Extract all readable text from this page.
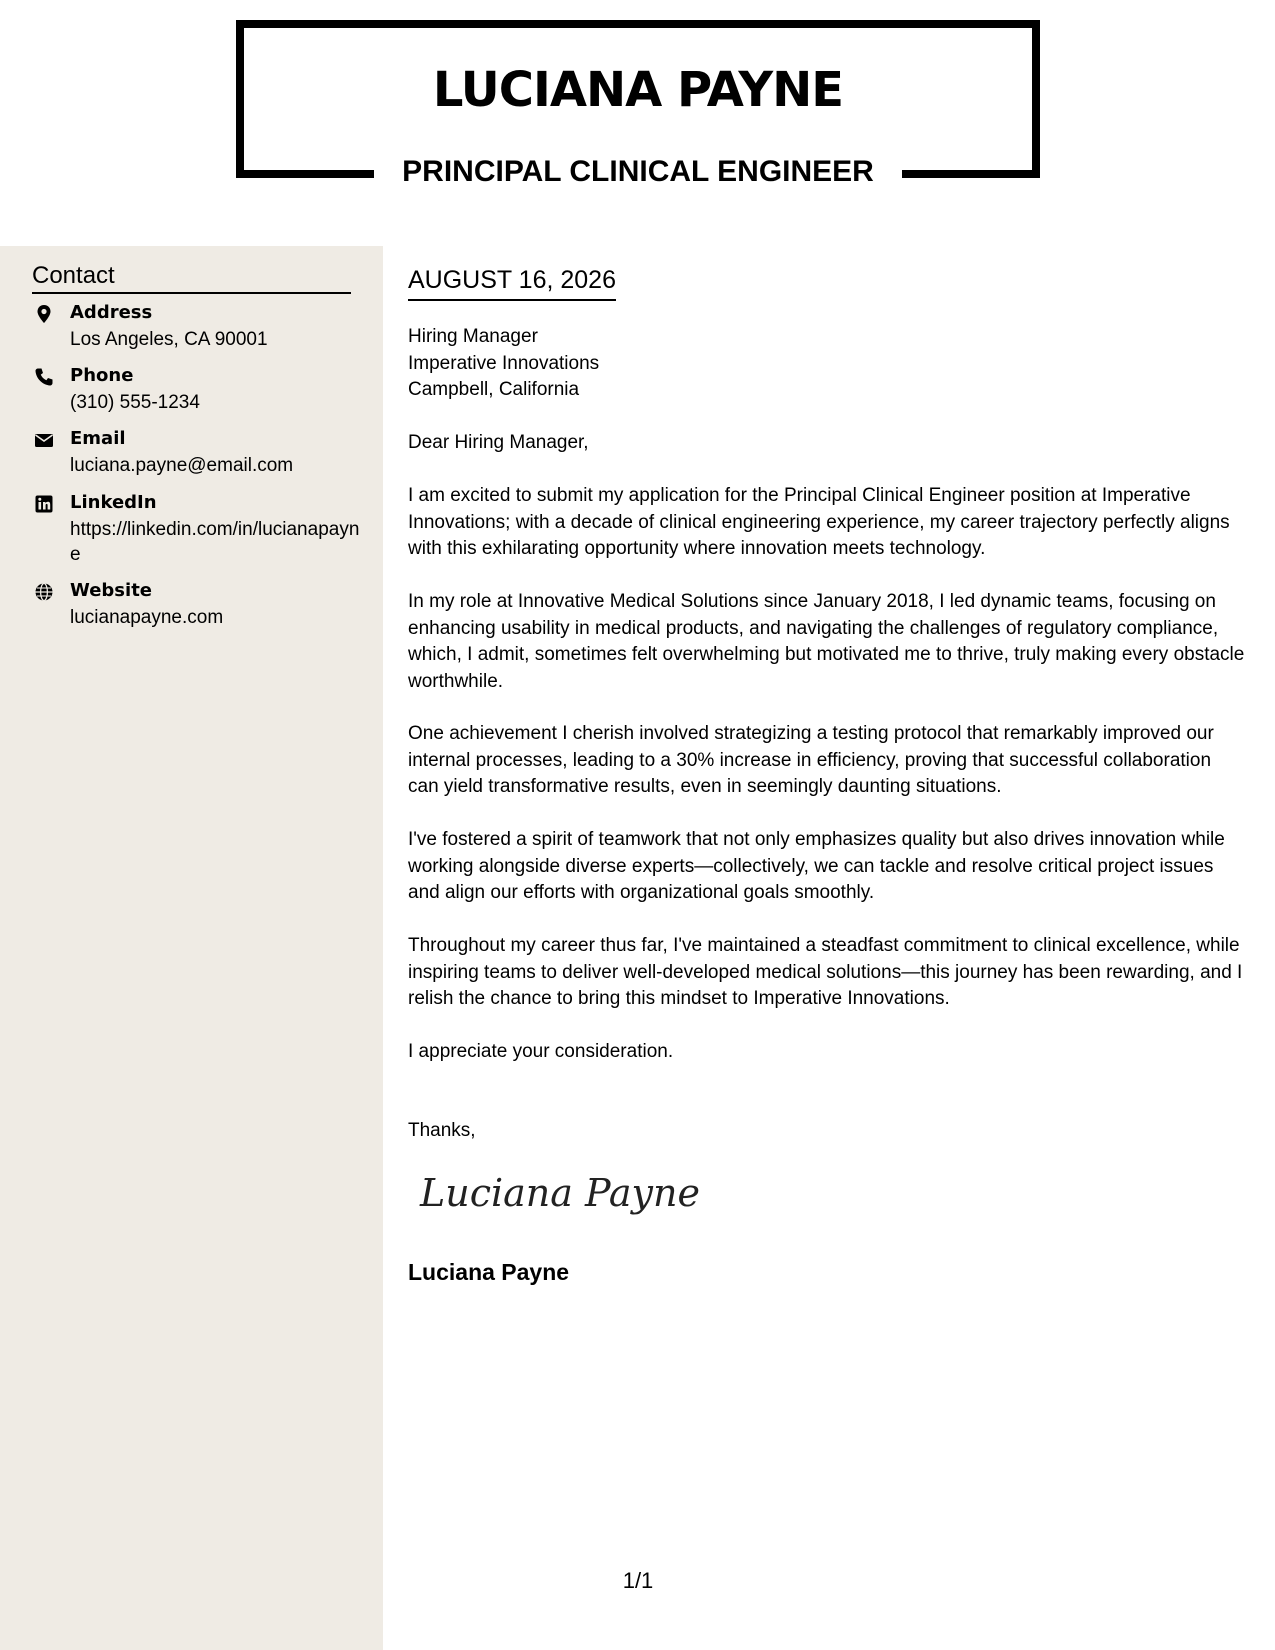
LUCIANA PAYNE
PRINCIPAL CLINICAL ENGINEER
Contact
Address
Los Angeles, CA 90001
Phone
(310) 555-1234
Email
luciana.payne@email.com
LinkedIn
https://linkedin.com/in/lucianapayne
Website
lucianapayne.com
AUGUST 16, 2026
Hiring Manager
Imperative Innovations
Campbell, California
Dear Hiring Manager,
I am excited to submit my application for the Principal Clinical Engineer position at Imperative Innovations; with a decade of clinical engineering experience, my career trajectory perfectly aligns with this exhilarating opportunity where innovation meets technology.
In my role at Innovative Medical Solutions since January 2018, I led dynamic teams, focusing on enhancing usability in medical products, and navigating the challenges of regulatory compliance, which, I admit, sometimes felt overwhelming but motivated me to thrive, truly making every obstacle worthwhile.
One achievement I cherish involved strategizing a testing protocol that remarkably improved our internal processes, leading to a 30% increase in efficiency, proving that successful collaboration can yield transformative results, even in seemingly daunting situations.
I've fostered a spirit of teamwork that not only emphasizes quality but also drives innovation while working alongside diverse experts—collectively, we can tackle and resolve critical project issues and align our efforts with organizational goals smoothly.
Throughout my career thus far, I've maintained a steadfast commitment to clinical excellence, while inspiring teams to deliver well-developed medical solutions—this journey has been rewarding, and I relish the chance to bring this mindset to Imperative Innovations.
I appreciate your consideration.
Thanks,
Luciana Payne
Luciana Payne
1/1
